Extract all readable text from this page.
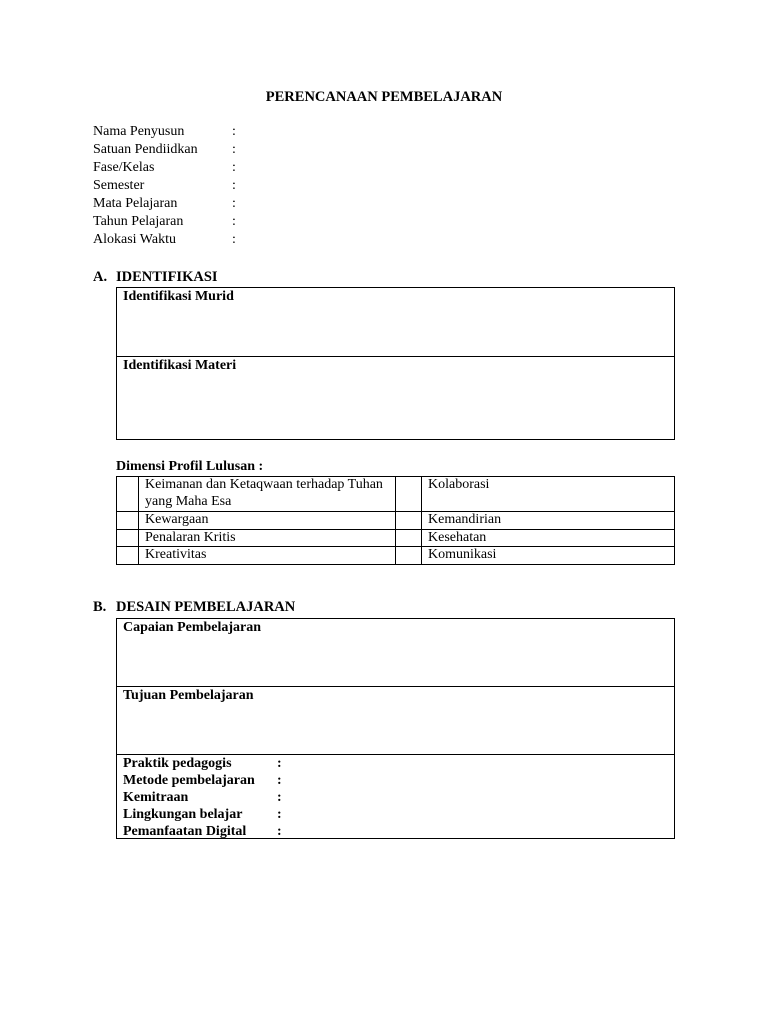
PERENCANAAN PEMBELAJARAN
Nama Penyusun	:
Satuan Pendiidkan	:
Fase/Kelas	:
Semester	:
Mata Pelajaran	:
Tahun Pelajaran	:
Alokasi Waktu	:
A. IDENTIFIKASI
Identifikasi Murid
Identifikasi Materi
Dimensi Profil Lulusan :
	Keimanan dan Ketaqwaan terhadap Tuhan yang Maha Esa		Kolaborasi
	Kewargaan		Kemandirian
	Penalaran Kritis		Kesehatan
	Kreativitas		Komunikasi
B. DESAIN PEMBELAJARAN
Capaian Pembelajaran
Tujuan Pembelajaran
Praktik pedagogis	:
Metode pembelajaran	:
Kemitraan	:
Lingkungan belajar	:
Pemanfaatan Digital	:
